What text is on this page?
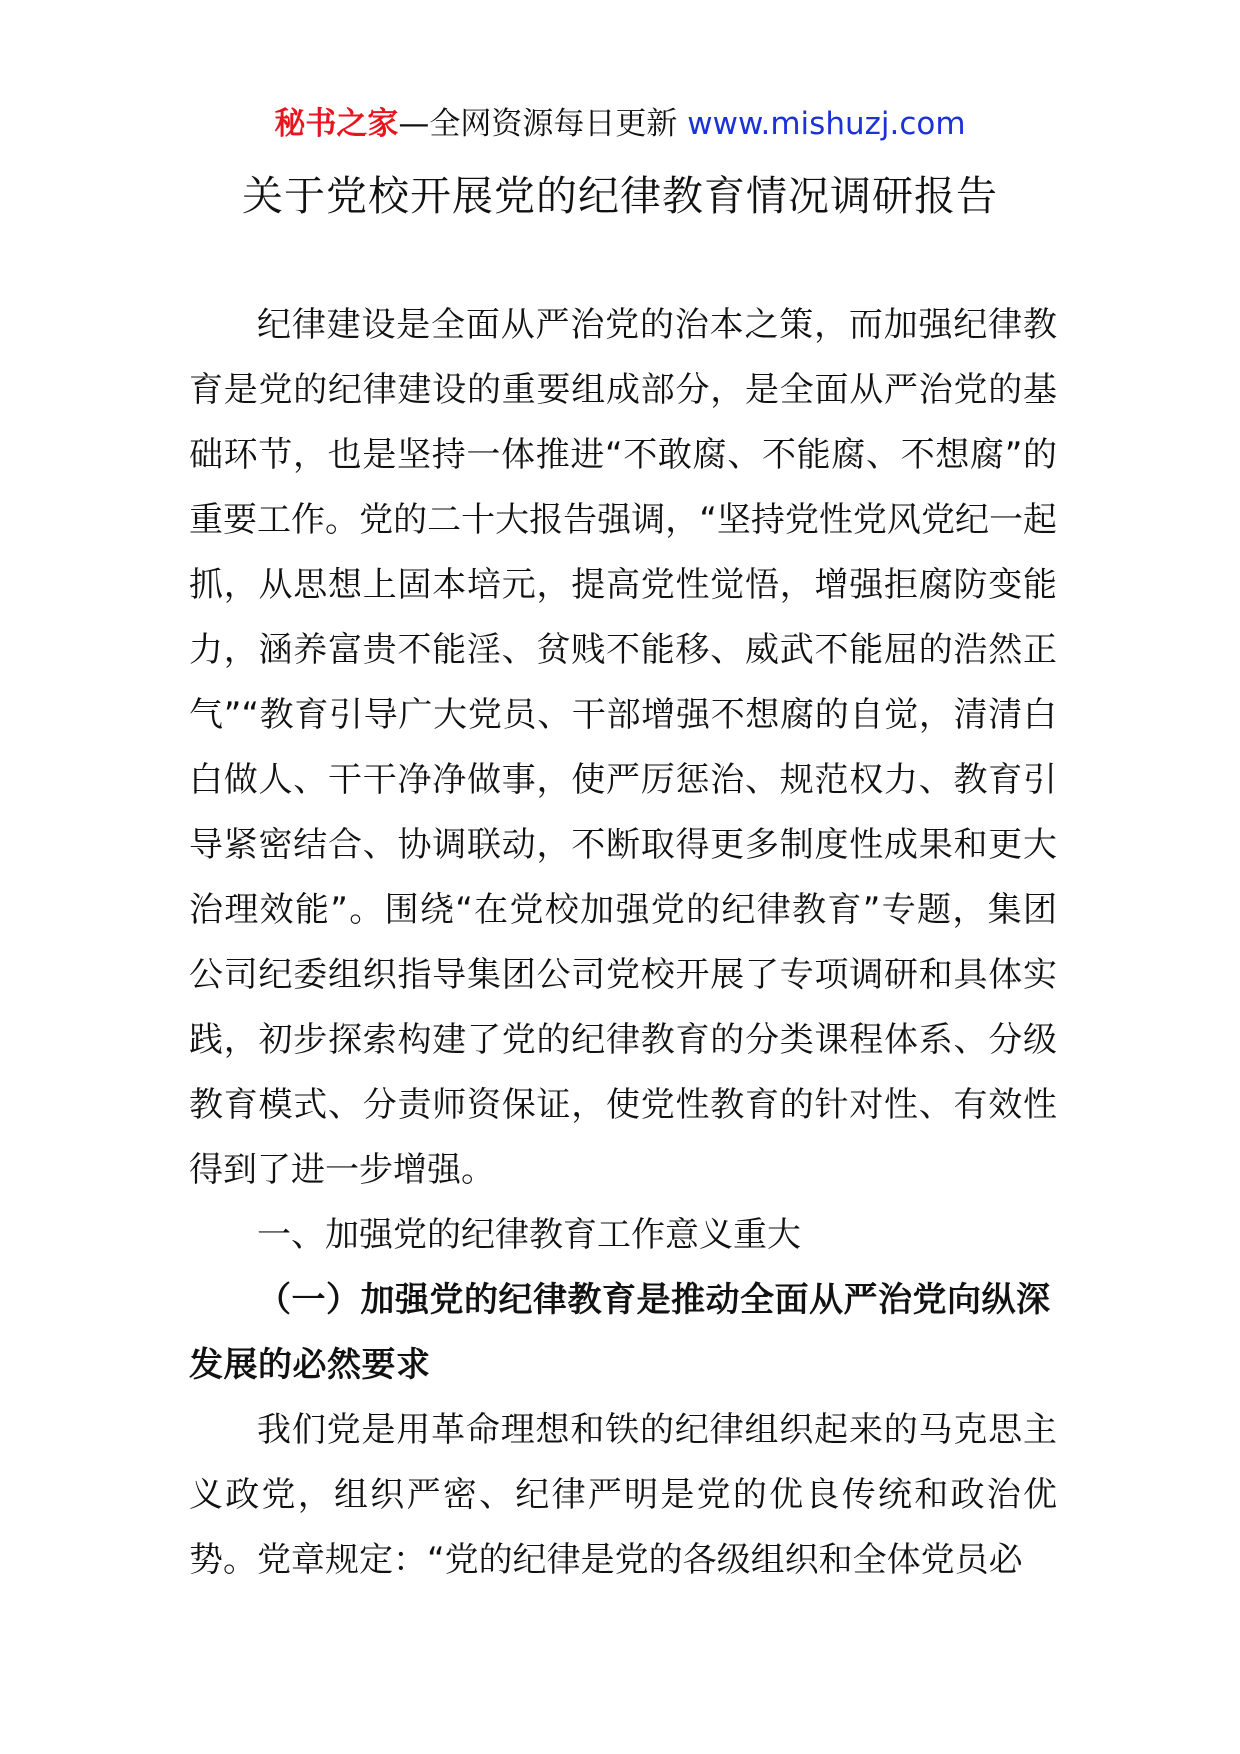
秘书之家—全网资源每日更新 www.mishuzj.com
关于党校开展党的纪律教育情况调研报告

纪律建设是全面从严治党的治本之策，而加强纪律教育是党的纪律建设的重要组成部分，是全面从严治党的基础环节，也是坚持一体推进“不敢腐、不能腐、不想腐”的重要工作。党的二十大报告强调，“坚持党性党风党纪一起抓，从思想上固本培元，提高党性觉悟，增强拒腐防变能力，涵养富贵不能淫、贫贱不能移、威武不能屈的浩然正气”“教育引导广大党员、干部增强不想腐的自觉，清清白白做人、干干净净做事，使严厉惩治、规范权力、教育引导紧密结合、协调联动，不断取得更多制度性成果和更大治理效能”。围绕“在党校加强党的纪律教育”专题，集团公司纪委组织指导集团公司党校开展了专项调研和具体实践，初步探索构建了党的纪律教育的分类课程体系、分级教育模式、分责师资保证，使党性教育的针对性、有效性得到了进一步增强。

一、加强党的纪律教育工作意义重大

（一）加强党的纪律教育是推动全面从严治党向纵深发展的必然要求

我们党是用革命理想和铁的纪律组织起来的马克思主义政党，组织严密、纪律严明是党的优良传统和政治优势。党章规定：“党的纪律是党的各级组织和全体党员必
